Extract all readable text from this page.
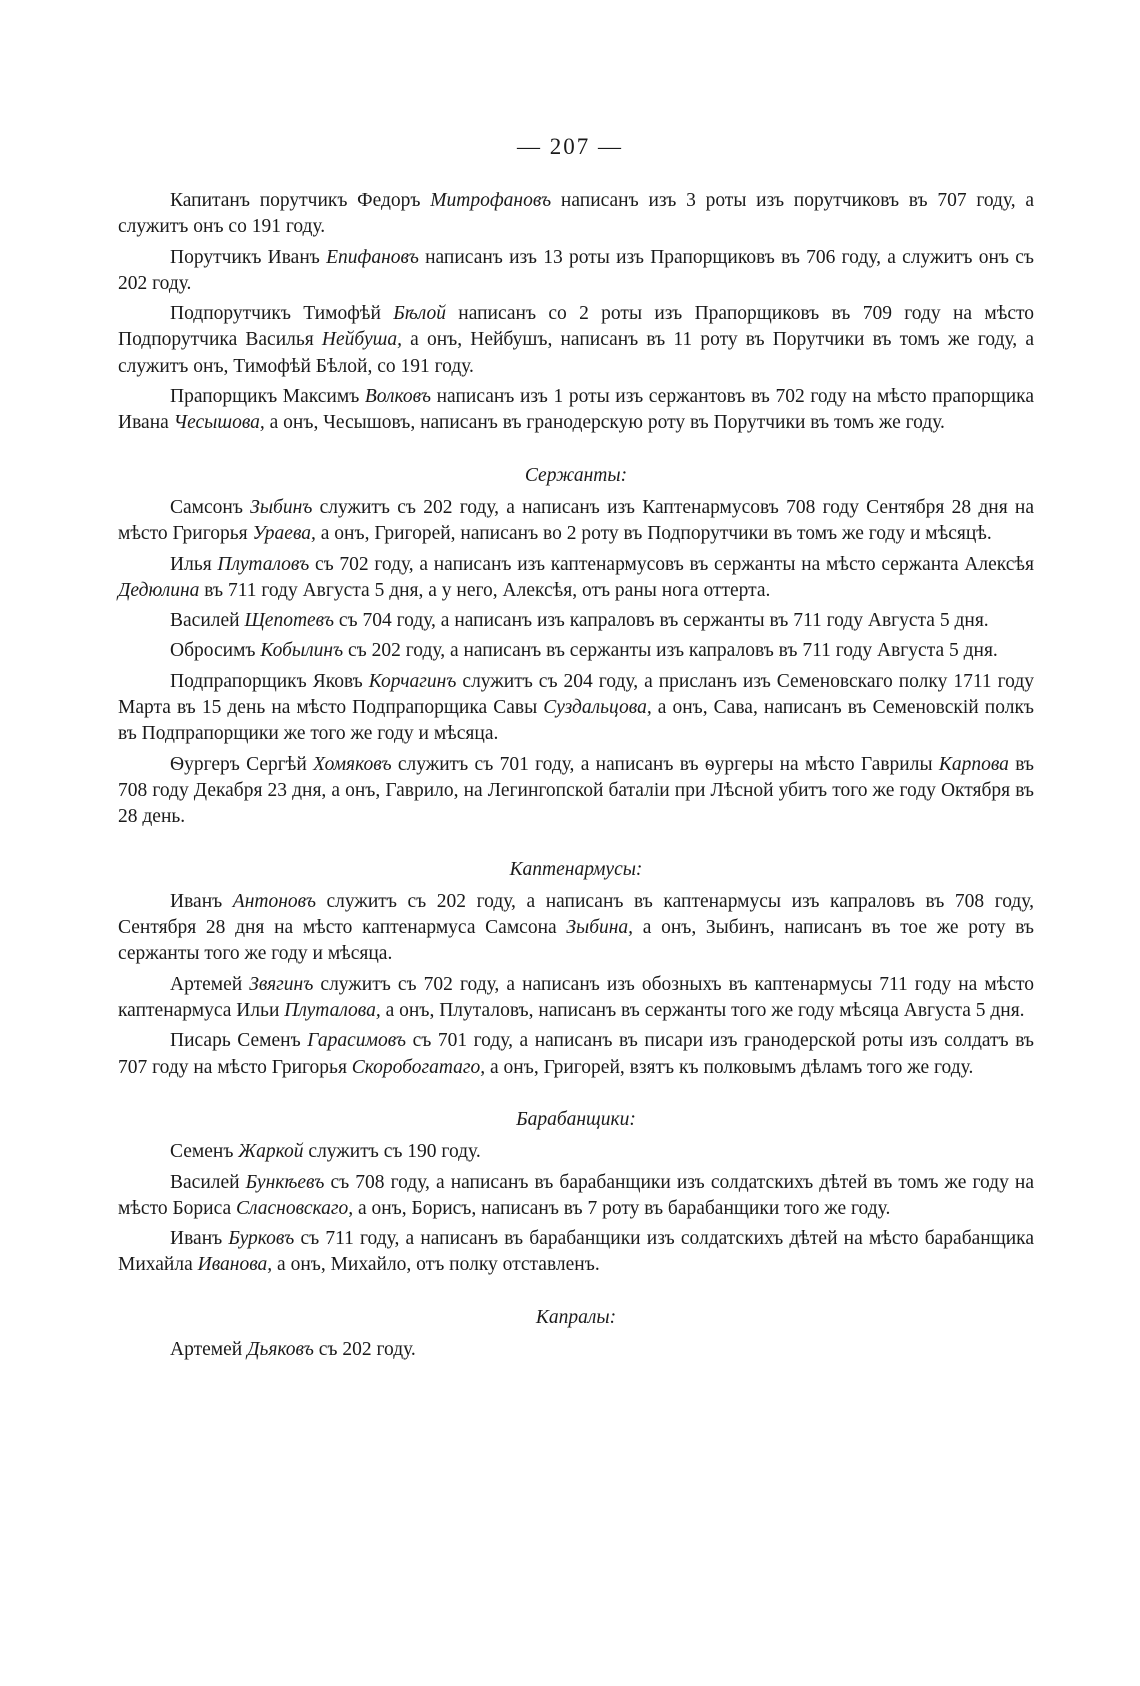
— 207 —

Капитанъ порутчикъ Федоръ Митрофановъ написанъ изъ 3 роты изъ порутчиковъ въ 707 году, а служитъ онъ со 191 году.

Порутчикъ Иванъ Епифановъ написанъ изъ 13 роты изъ Прапорщиковъ въ 706 году, а служитъ онъ съ 202 году.

Подпорутчикъ Тимофѣй Бѣлой написанъ со 2 роты изъ Прапорщиковъ въ 709 году на мѣсто Подпорутчика Василья Нейбуша, а онъ, Нейбушъ, написанъ въ 11 роту въ Порутчики въ томъ же году, а служитъ онъ, Тимофѣй Бѣлой, со 191 году.

Прапорщикъ Максимъ Волковъ написанъ изъ 1 роты изъ сержантовъ въ 702 году на мѣсто прапорщика Ивана Чесышова, а онъ, Чесышовъ, написанъ въ гранодерскую роту въ Порутчики въ томъ же году.

Сержанты:

Самсонъ Зыбинъ служитъ съ 202 году, а написанъ изъ Каптенармусовъ 708 году Сентября 28 дня на мѣсто Григорья Ураева, а онъ, Григорей, написанъ во 2 роту въ Подпорутчики въ томъ же году и мѣсяцѣ.

Илья Плуталовъ съ 702 году, а написанъ изъ каптенармусовъ въ сержанты на мѣсто сержанта Алексѣя Дедюлина въ 711 году Августа 5 дня, а у него, Алексѣя, отъ раны нога оттерта.

Василей Щепотевъ съ 704 году, а написанъ изъ капраловъ въ сержанты въ 711 году Августа 5 дня.

Обросимъ Кобылинъ съ 202 году, а написанъ въ сержанты изъ капраловъ въ 711 году Августа 5 дня.

Подпрапорщикъ Яковъ Корчагинъ служитъ съ 204 году, а присланъ изъ Семеновскаго полку 1711 году Марта въ 15 день на мѣсто Подпрапорщика Савы Суздальцова, а онъ, Сава, написанъ въ Семеновскій полкъ въ Подпрапорщики же того же году и мѣсяца.

Ѳургеръ Сергѣй Хомяковъ служитъ съ 701 году, а написанъ въ ѳургеры на мѣсто Гаврилы Карпова въ 708 году Декабря 23 дня, а онъ, Гаврило, на Легингопской баталіи при Лѣсной убитъ того же году Октября въ 28 день.

Каптенармусы:

Иванъ Антоновъ служитъ съ 202 году, а написанъ въ каптенармусы изъ капраловъ въ 708 году, Сентября 28 дня на мѣсто каптенармуса Самсона Зыбина, а онъ, Зыбинъ, написанъ въ тое же роту въ сержанты того же году и мѣсяца.

Артемей Звягинъ служитъ съ 702 году, а написанъ изъ обозныхъ въ каптенармусы 711 году на мѣсто каптенармуса Ильи Плуталова, а онъ, Плуталовъ, написанъ въ сержанты того же году мѣсяца Августа 5 дня.

Писарь Семенъ Гарасимовъ съ 701 году, а написанъ въ писари изъ гранодерской роты изъ солдатъ въ 707 году на мѣсто Григорья Скоробогатаго, а онъ, Григорей, взятъ къ полковымъ дѣламъ того же году.

Барабанщики:

Семенъ Жаркой служитъ съ 190 году.

Василей Бункѣевъ съ 708 году, а написанъ въ барабанщики изъ солдатскихъ дѣтей въ томъ же году на мѣсто Бориса Сласновскаго, а онъ, Борисъ, написанъ въ 7 роту въ барабанщики того же году.

Иванъ Бурковъ съ 711 году, а написанъ въ барабанщики изъ солдатскихъ дѣтей на мѣсто барабанщика Михайла Иванова, а онъ, Михайло, отъ полку отставленъ.

Капралы:

Артемей Дьяковъ съ 202 году.
